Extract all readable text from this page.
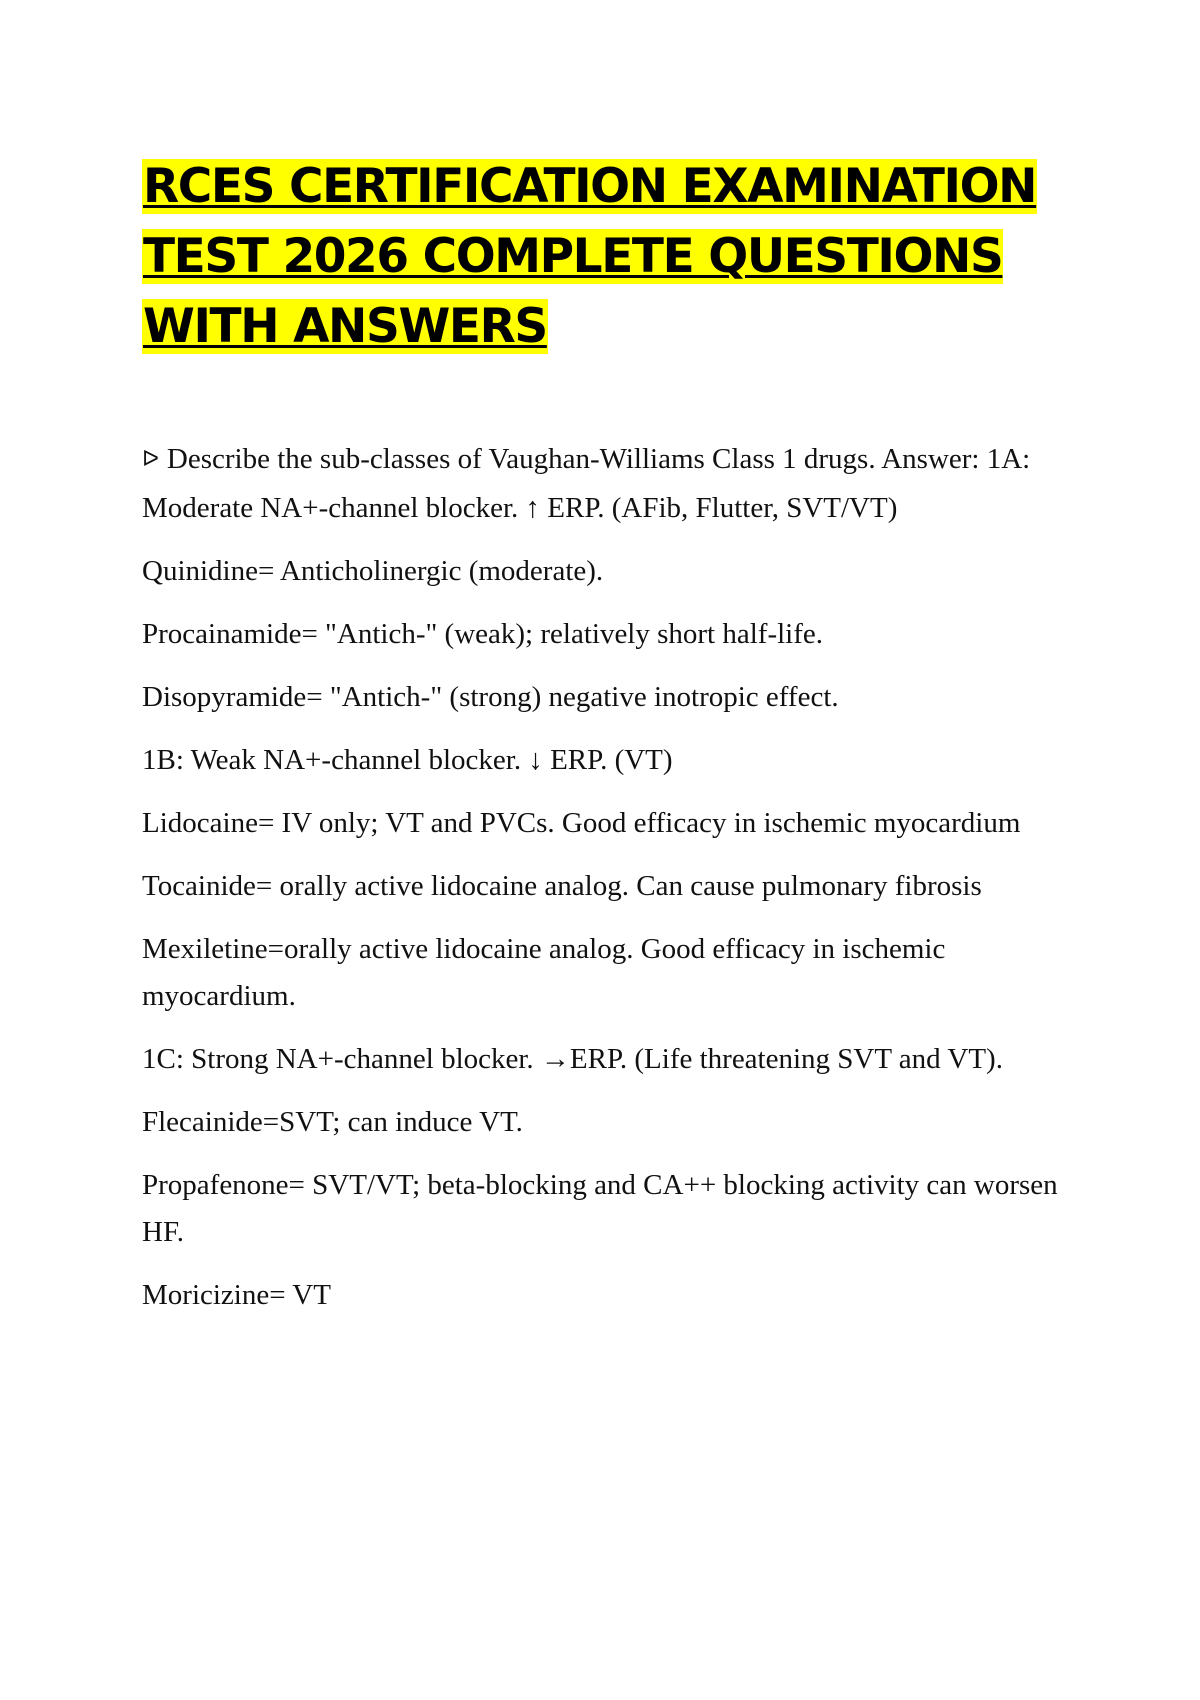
RCES CERTIFICATION EXAMINATION TEST 2026 COMPLETE QUESTIONS WITH ANSWERS

ᐅ Describe the sub-classes of Vaughan-Williams Class 1 drugs. Answer: 1A: Moderate NA+-channel blocker. ↑ ERP. (AFib, Flutter, SVT/VT)

Quinidine= Anticholinergic (moderate).

Procainamide= "Antich-" (weak); relatively short half-life.

Disopyramide= "Antich-" (strong) negative inotropic effect.

1B: Weak NA+-channel blocker. ↓ ERP. (VT)

Lidocaine= IV only; VT and PVCs. Good efficacy in ischemic myocardium

Tocainide= orally active lidocaine analog. Can cause pulmonary fibrosis

Mexiletine=orally active lidocaine analog. Good efficacy in ischemic myocardium.

1C: Strong NA+-channel blocker. →ERP. (Life threatening SVT and VT).

Flecainide=SVT; can induce VT.

Propafenone= SVT/VT; beta-blocking and CA++ blocking activity can worsen HF.

Moricizine= VT
